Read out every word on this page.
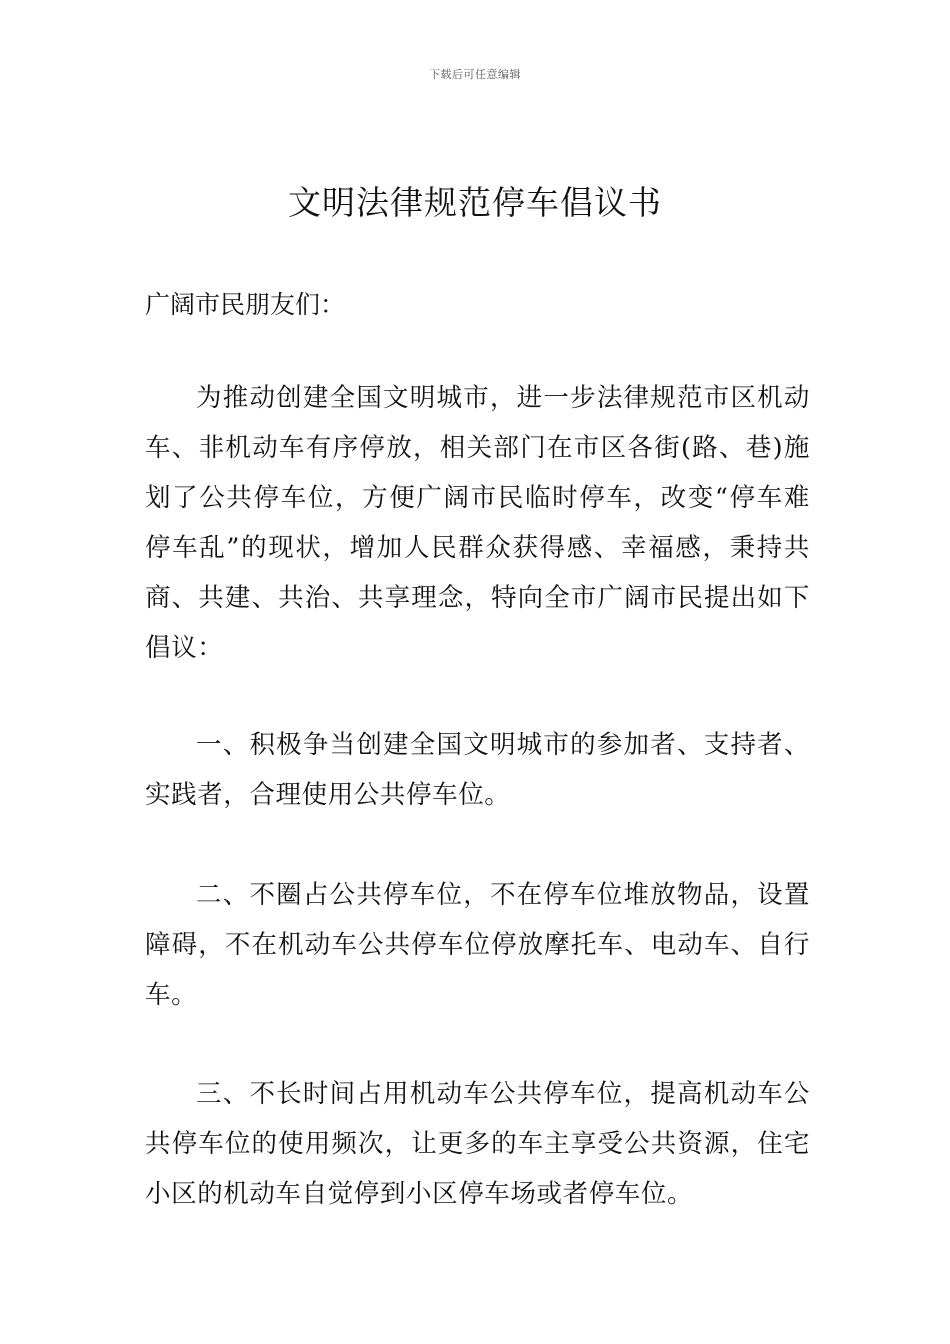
下载后可任意编辑
文明法律规范停车倡议书

广阔市民朋友们：

为推动创建全国文明城市，进一步法律规范市区机动车、非机动车有序停放，相关部门在市区各街(路、巷)施划了公共停车位，方便广阔市民临时停车，改变“停车难停车乱”的现状，增加人民群众获得感、幸福感，秉持共商、共建、共治、共享理念，特向全市广阔市民提出如下倡议：

一、积极争当创建全国文明城市的参加者、支持者、实践者，合理使用公共停车位。

二、不圈占公共停车位，不在停车位堆放物品，设置障碍，不在机动车公共停车位停放摩托车、电动车、自行车。

三、不长时间占用机动车公共停车位，提高机动车公共停车位的使用频次，让更多的车主享受公共资源，住宅小区的机动车自觉停到小区停车场或者停车位。
